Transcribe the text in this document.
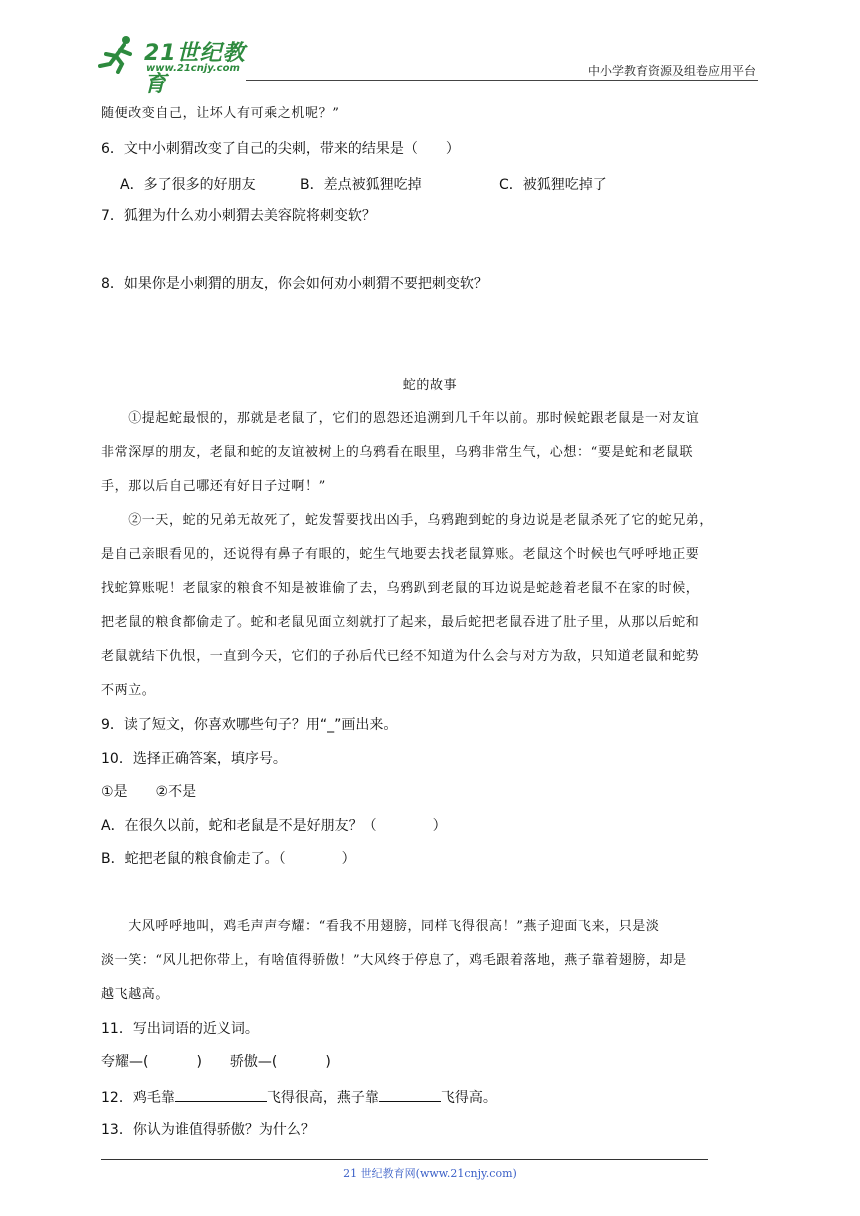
21世纪教育
www.21cnjy.com	中小学教育资源及组卷应用平台
随便改变自己，让坏人有可乘之机呢？”
6．文中小刺猬改变了自己的尖刺，带来的结果是（　　）
A．多了很多的好朋友	B．差点被狐狸吃掉	C．被狐狸吃掉了
7．狐狸为什么劝小刺猬去美容院将刺变软？
8．如果你是小刺猬的朋友，你会如何劝小刺猬不要把刺变软？
蛇的故事
　　①提起蛇最恨的，那就是老鼠了，它们的恩怨还追溯到几千年以前。那时候蛇跟老鼠是一对友谊
非常深厚的朋友，老鼠和蛇的友谊被树上的乌鸦看在眼里，乌鸦非常生气，心想：“要是蛇和老鼠联
手，那以后自己哪还有好日子过啊！”
　　②一天，蛇的兄弟无故死了，蛇发誓要找出凶手，乌鸦跑到蛇的身边说是老鼠杀死了它的蛇兄弟，
是自己亲眼看见的，还说得有鼻子有眼的，蛇生气地要去找老鼠算账。老鼠这个时候也气呼呼地正要
找蛇算账呢！老鼠家的粮食不知是被谁偷了去，乌鸦趴到老鼠的耳边说是蛇趁着老鼠不在家的时候，
把老鼠的粮食都偷走了。蛇和老鼠见面立刻就打了起来，最后蛇把老鼠吞进了肚子里，从那以后蛇和
老鼠就结下仇恨，一直到今天，它们的子孙后代已经不知道为什么会与对方为敌，只知道老鼠和蛇势
不两立。
9．读了短文，你喜欢哪些句子？用“_”画出来。
10．选择正确答案，填序号。
①是　　②不是
A．在很久以前，蛇和老鼠是不是好朋友？（　　　　）
B．蛇把老鼠的粮食偷走了。（　　　　）
　　大风呼呼地叫，鸡毛声声夸耀：“看我不用翅膀，同样飞得很高！”燕子迎面飞来，只是淡
淡一笑：“风儿把你带上，有啥值得骄傲！”大风终于停息了，鸡毛跟着落地，燕子靠着翅膀，却是
越飞越高。
11．写出词语的近义词。
夸耀—(	)　　骄傲—(	)
12．鸡毛靠	飞得很高，燕子靠	飞得高。
13．你认为谁值得骄傲？为什么？
21 世纪教育网(www.21cnjy.com)
